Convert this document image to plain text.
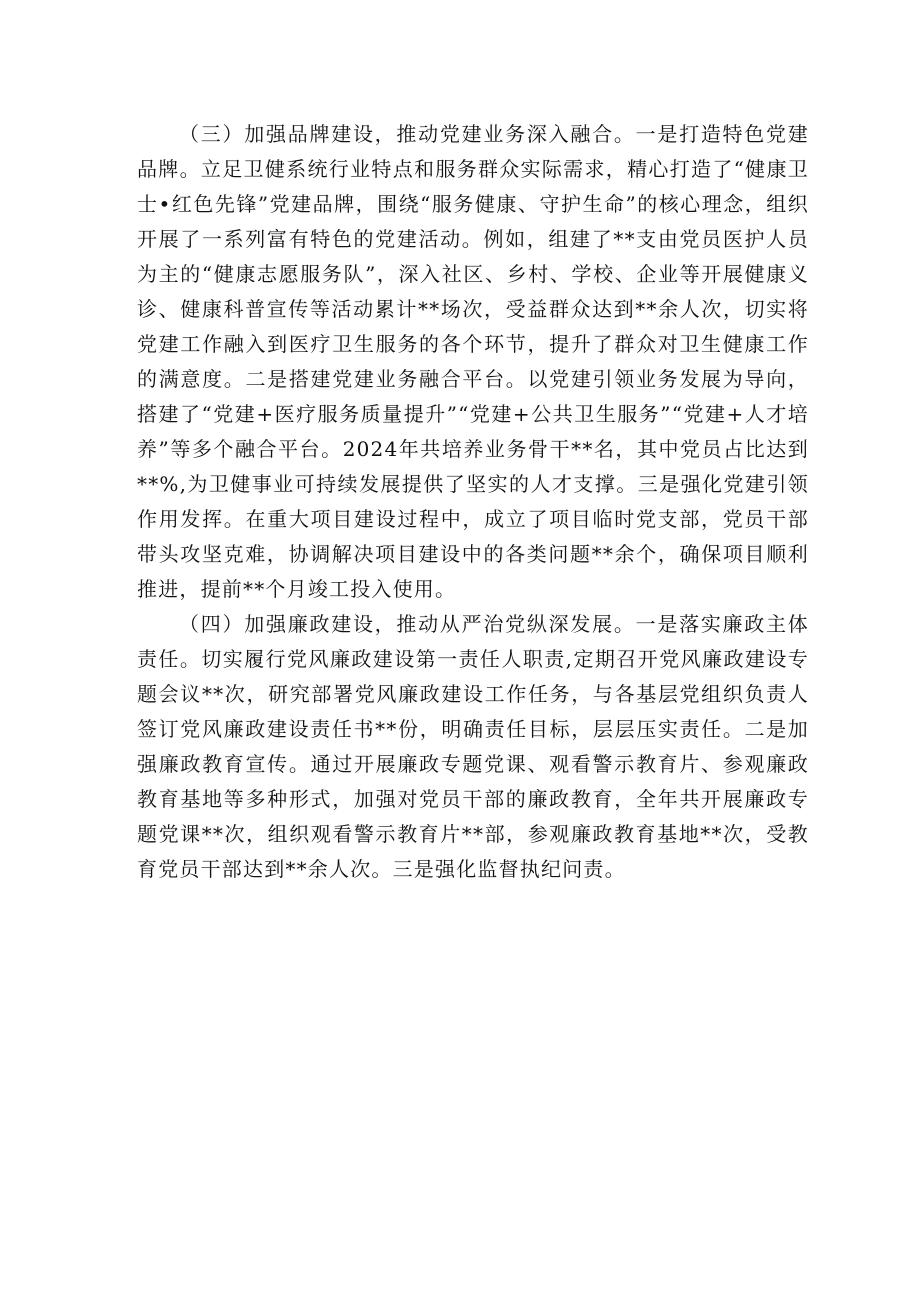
（三）加强品牌建设，推动党建业务深入融合。一是打造特色党建品牌。立足卫健系统行业特点和服务群众实际需求，精心打造了“健康卫士•红色先锋”党建品牌，围绕“服务健康、守护生命”的核心理念，组织开展了一系列富有特色的党建活动。例如，组建了**支由党员医护人员为主的“健康志愿服务队”，深入社区、乡村、学校、企业等开展健康义诊、健康科普宣传等活动累计**场次，受益群众达到**余人次，切实将党建工作融入到医疗卫生服务的各个环节，提升了群众对卫生健康工作的满意度。二是搭建党建业务融合平台。以党建引领业务发展为导向，搭建了“党建+医疗服务质量提升”“党建+公共卫生服务”“党建+人才培养”等多个融合平台。2024年共培养业务骨干**名，其中党员占比达到**%,为卫健事业可持续发展提供了坚实的人才支撑。三是强化党建引领作用发挥。在重大项目建设过程中，成立了项目临时党支部，党员干部带头攻坚克难，协调解决项目建设中的各类问题**余个，确保项目顺利推进，提前**个月竣工投入使用。

（四）加强廉政建设，推动从严治党纵深发展。一是落实廉政主体责任。切实履行党风廉政建设第一责任人职责,定期召开党风廉政建设专题会议**次，研究部署党风廉政建设工作任务，与各基层党组织负责人签订党风廉政建设责任书**份，明确责任目标，层层压实责任。二是加强廉政教育宣传。通过开展廉政专题党课、观看警示教育片、参观廉政教育基地等多种形式，加强对党员干部的廉政教育，全年共开展廉政专题党课**次，组织观看警示教育片**部，参观廉政教育基地**次，受教育党员干部达到**余人次。三是强化监督执纪问责。
